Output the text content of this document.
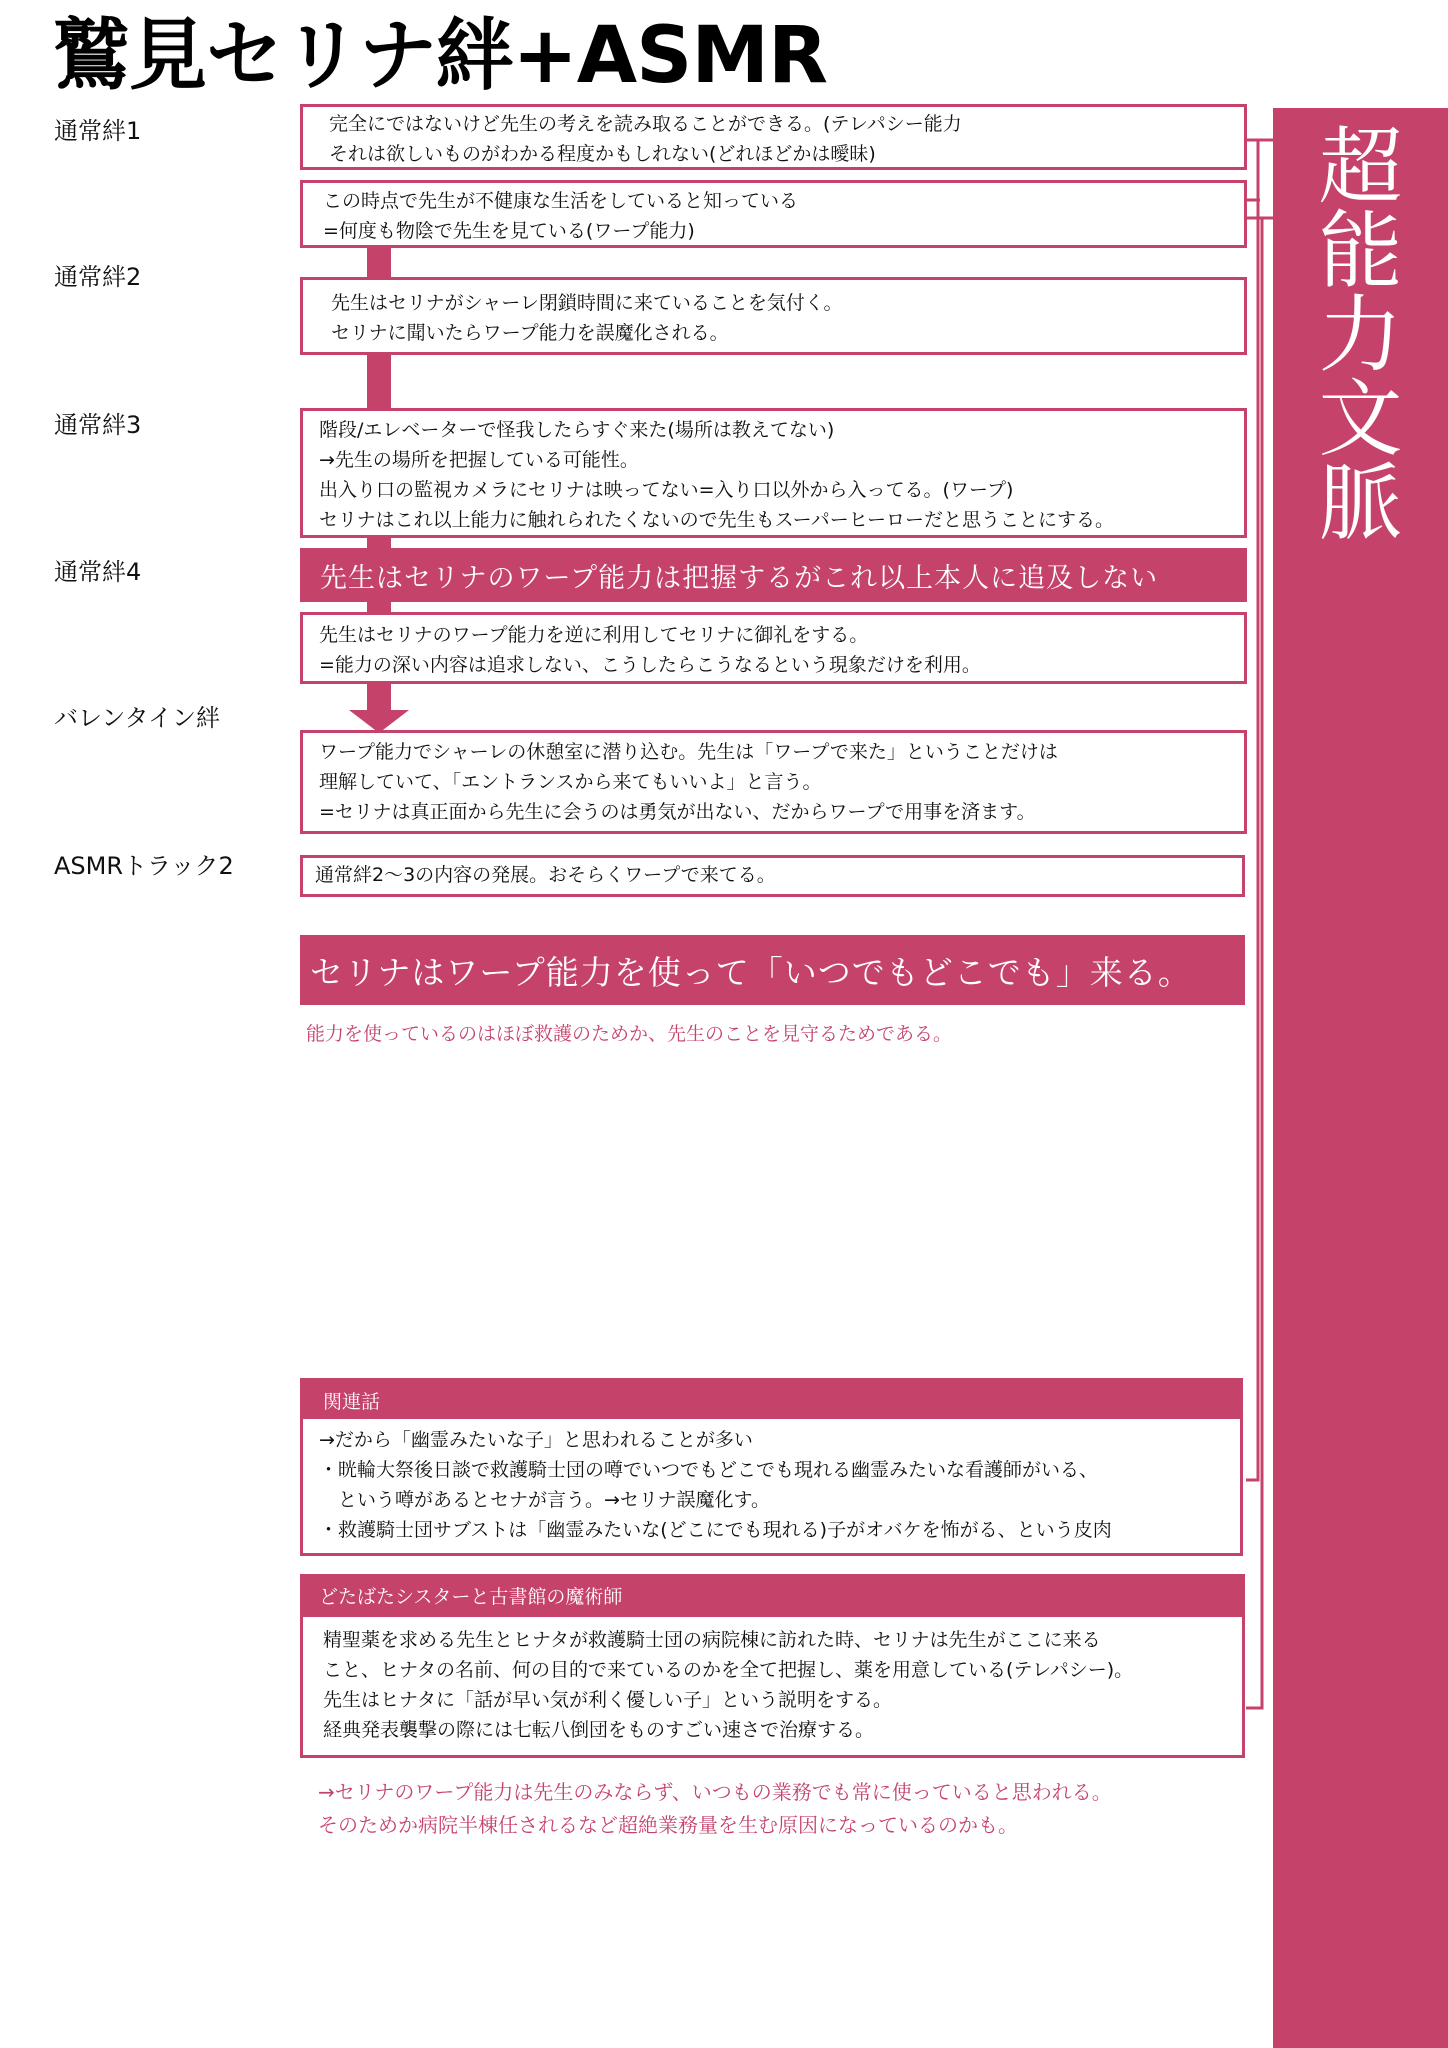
鷲見セリナ絆+ASMR
超
能
力
文
脈
通常絆1
通常絆2
通常絆3
通常絆4
バレンタイン絆
ASMRトラック2
完全にではないけど先生の考えを読み取ることができる。(テレパシー能力
それは欲しいものがわかる程度かもしれない(どれほどかは曖昧)
この時点で先生が不健康な生活をしていると知っている
=何度も物陰で先生を見ている(ワープ能力)
先生はセリナがシャーレ閉鎖時間に来ていることを気付く。
セリナに聞いたらワープ能力を誤魔化される。
階段/エレベーターで怪我したらすぐ来た(場所は教えてない)
→先生の場所を把握している可能性。
出入り口の監視カメラにセリナは映ってない=入り口以外から入ってる。(ワープ)
セリナはこれ以上能力に触れられたくないので先生もスーパーヒーローだと思うことにする。
先生はセリナのワープ能力は把握するがこれ以上本人に追及しない
先生はセリナのワープ能力を逆に利用してセリナに御礼をする。
=能力の深い内容は追求しない、こうしたらこうなるという現象だけを利用。
ワープ能力でシャーレの休憩室に潜り込む。先生は「ワープで来た」ということだけは
理解していて、「エントランスから来てもいいよ」と言う。
=セリナは真正面から先生に会うのは勇気が出ない、だからワープで用事を済ます。
通常絆2〜3の内容の発展。おそらくワープで来てる。
セリナはワープ能力を使って「いつでもどこでも」来る。
能力を使っているのはほぼ救護のためか、先生のことを見守るためである。
関連話
→だから「幽霊みたいな子」と思われることが多い
・晄輪大祭後日談で救護騎士団の噂でいつでもどこでも現れる幽霊みたいな看護師がいる、
　という噂があるとセナが言う。→セリナ誤魔化す。
・救護騎士団サブストは「幽霊みたいな(どこにでも現れる)子がオバケを怖がる、という皮肉
どたばたシスターと古書館の魔術師
精聖薬を求める先生とヒナタが救護騎士団の病院棟に訪れた時、セリナは先生がここに来る
こと、ヒナタの名前、何の目的で来ているのかを全て把握し、薬を用意している(テレパシー)。
先生はヒナタに「話が早い気が利く優しい子」という説明をする。
経典発表襲撃の際には七転八倒団をものすごい速さで治療する。
→セリナのワープ能力は先生のみならず、いつもの業務でも常に使っていると思われる。
そのためか病院半棟任されるなど超絶業務量を生む原因になっているのかも。
